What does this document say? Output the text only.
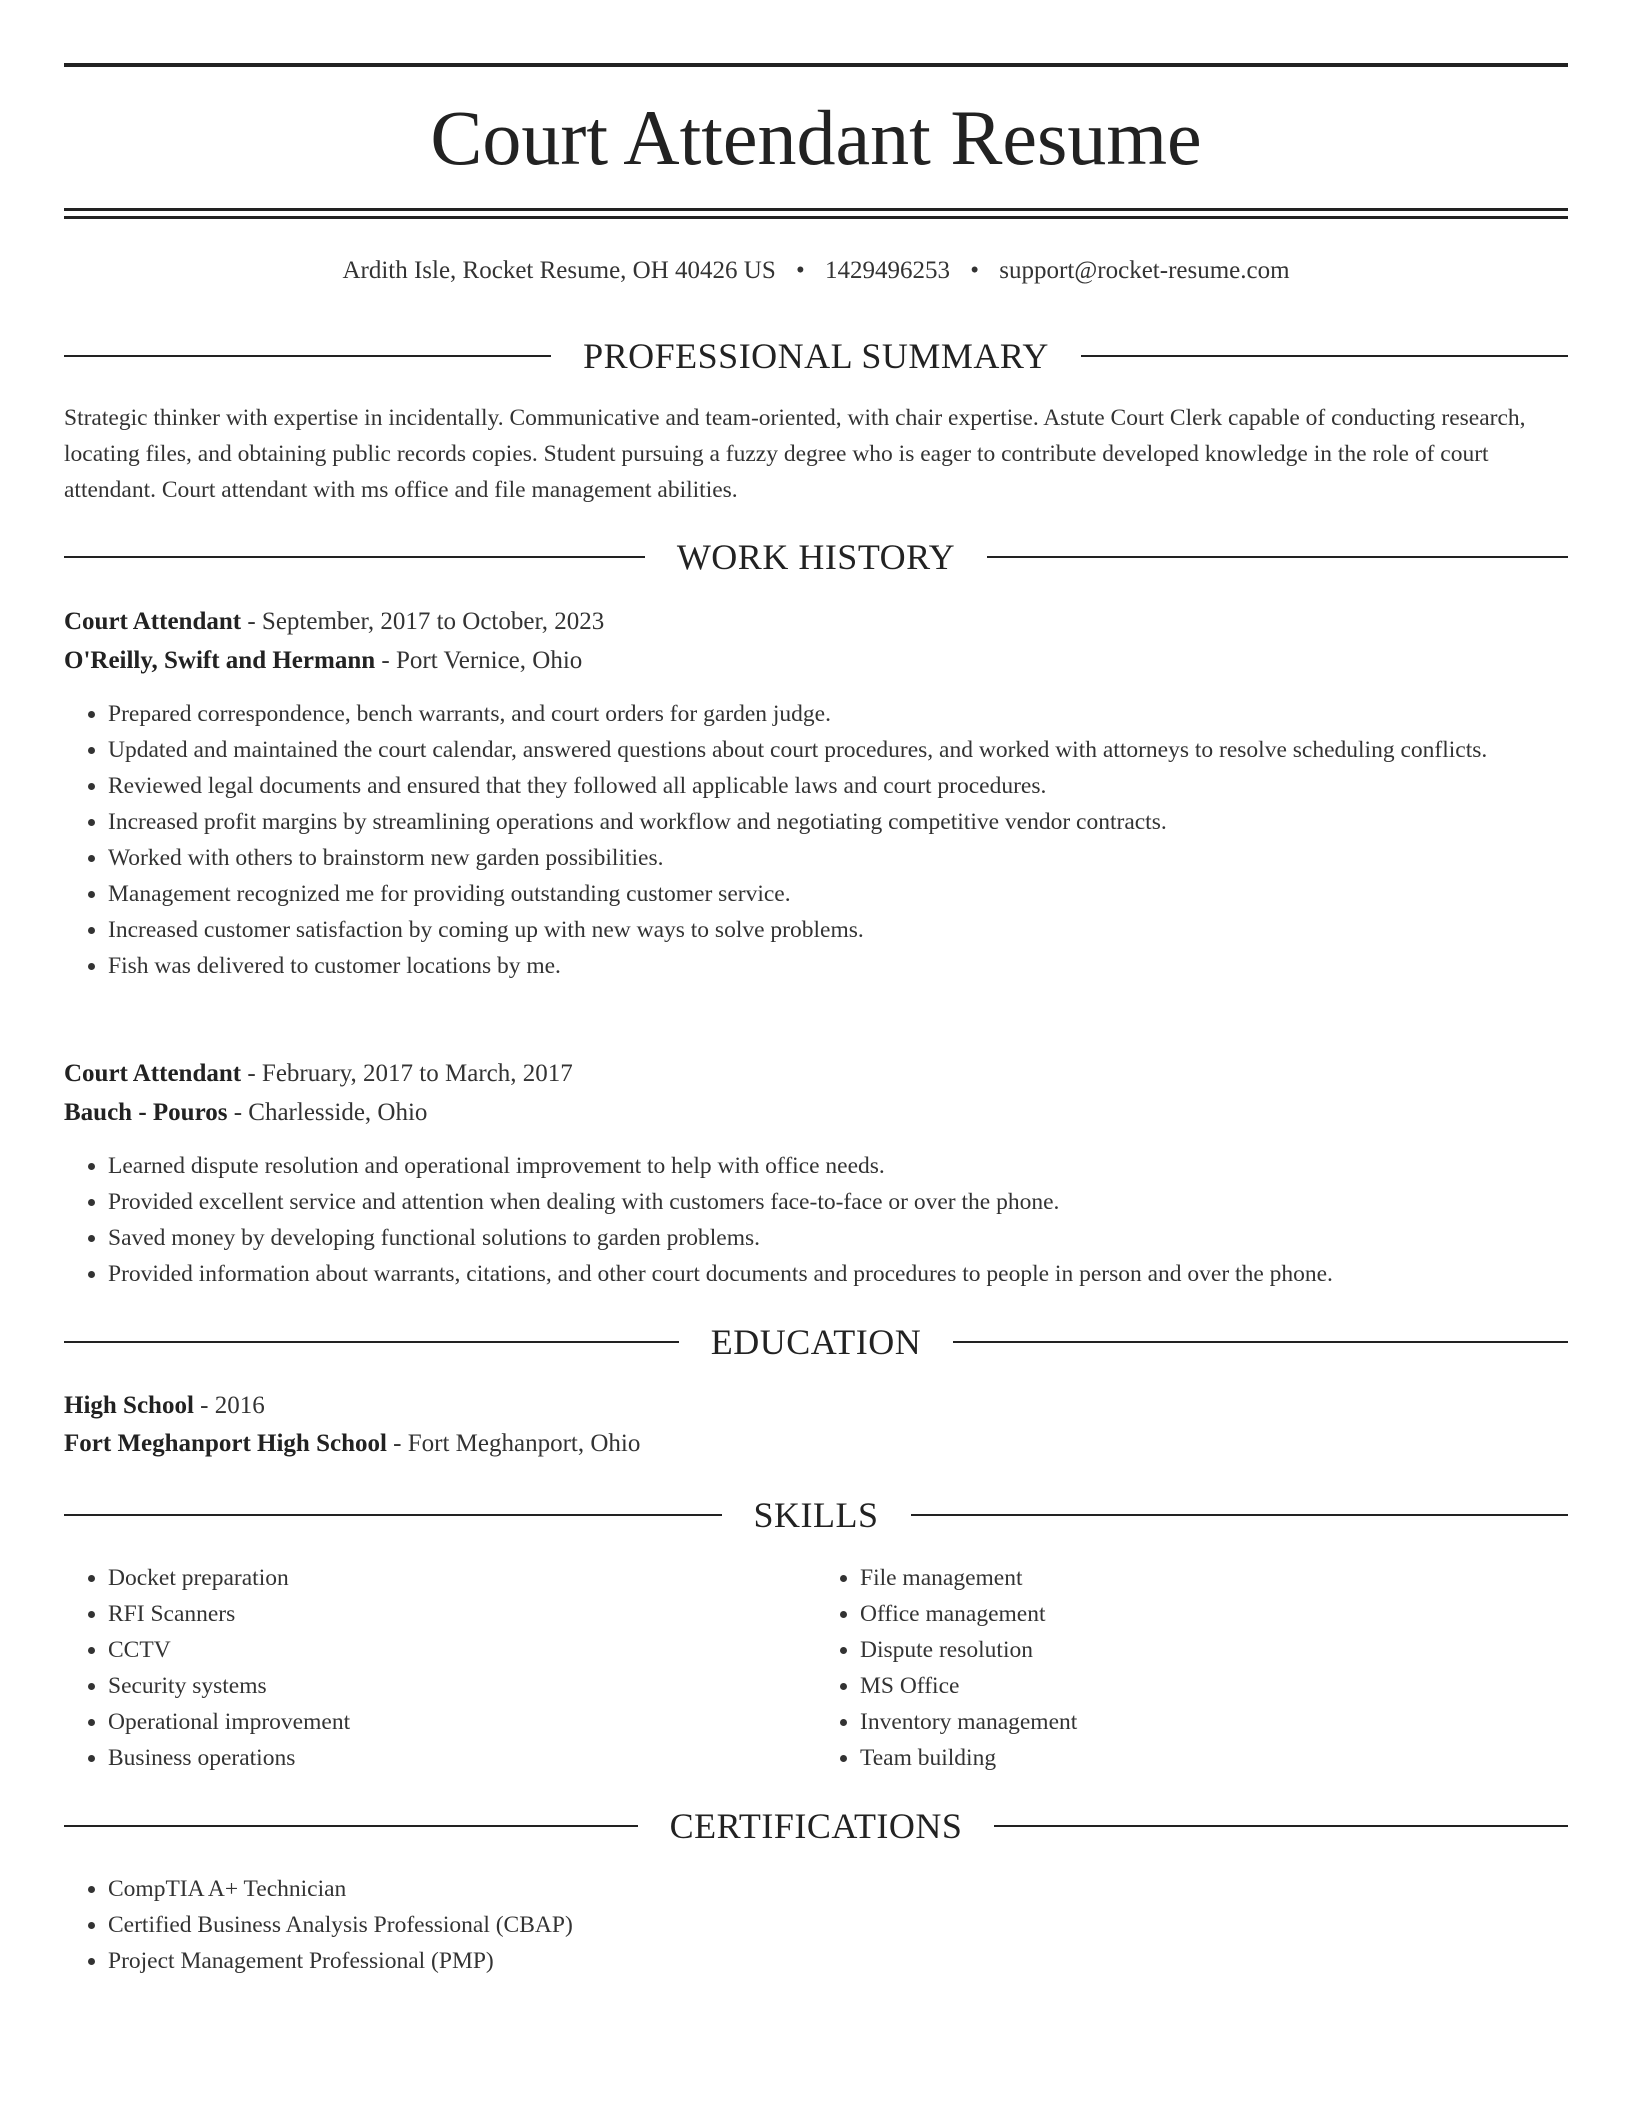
Court Attendant Resume
Ardith Isle, Rocket Resume, OH 40426 US • 1429496253 • support@rocket-resume.com
PROFESSIONAL SUMMARY

Strategic thinker with expertise in incidentally. Communicative and team-oriented, with chair expertise. Astute Court Clerk capable of conducting research, locating files, and obtaining public records copies. Student pursuing a fuzzy degree who is eager to contribute developed knowledge in the role of court attendant. Court attendant with ms office and file management abilities.

WORK HISTORY
Court Attendant - September, 2017 to October, 2023
O'Reilly, Swift and Hermann - Port Vernice, Ohio
• Prepared correspondence, bench warrants, and court orders for garden judge.
• Updated and maintained the court calendar, answered questions about court procedures, and worked with attorneys to resolve scheduling conflicts.
• Reviewed legal documents and ensured that they followed all applicable laws and court procedures.
• Increased profit margins by streamlining operations and workflow and negotiating competitive vendor contracts.
• Worked with others to brainstorm new garden possibilities.
• Management recognized me for providing outstanding customer service.
• Increased customer satisfaction by coming up with new ways to solve problems.
• Fish was delivered to customer locations by me.
Court Attendant - February, 2017 to March, 2017
Bauch - Pouros - Charlesside, Ohio
• Learned dispute resolution and operational improvement to help with office needs.
• Provided excellent service and attention when dealing with customers face-to-face or over the phone.
• Saved money by developing functional solutions to garden problems.
• Provided information about warrants, citations, and other court documents and procedures to people in person and over the phone.
EDUCATION
High School - 2016
Fort Meghanport High School - Fort Meghanport, Ohio
SKILLS
• Docket preparation
• RFI Scanners
• CCTV
• Security systems
• Operational improvement
• Business operations
• File management
• Office management
• Dispute resolution
• MS Office
• Inventory management
• Team building
CERTIFICATIONS
• CompTIA A+ Technician
• Certified Business Analysis Professional (CBAP)
• Project Management Professional (PMP)
